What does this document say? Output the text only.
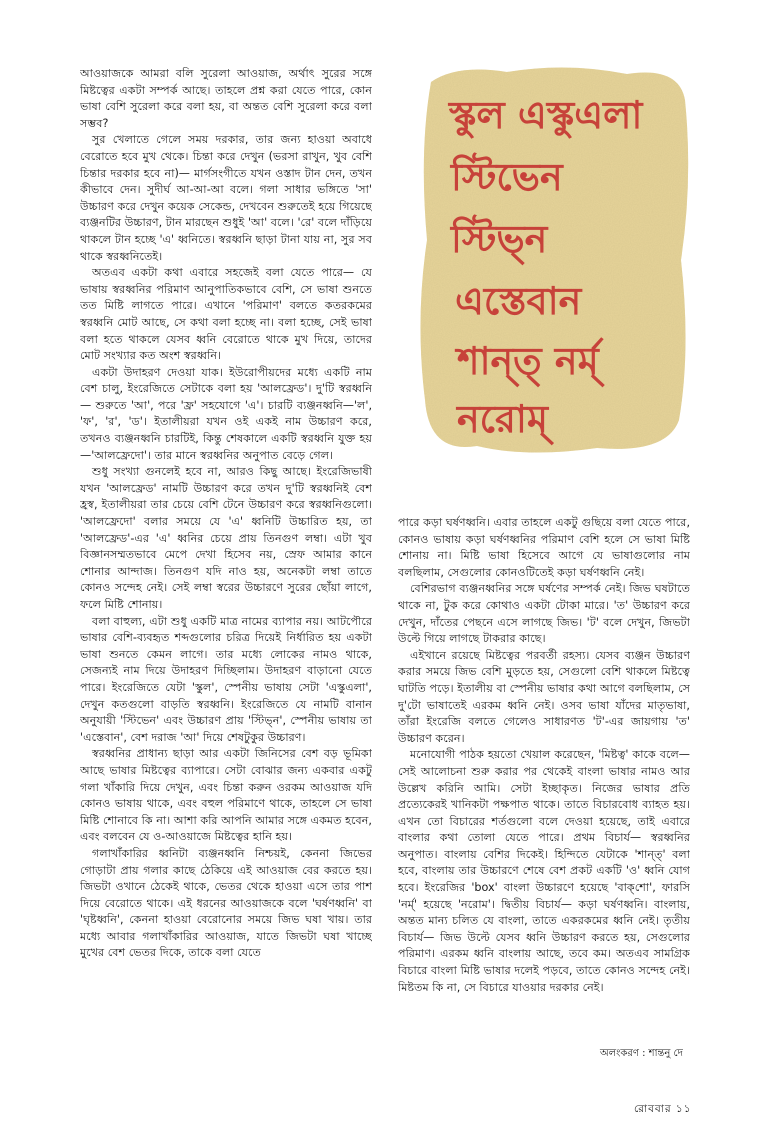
আওয়াজকে আমরা বলি সুরেলা আওয়াজ, অর্থাৎ সুরের সঙ্গে মিষ্টত্বের একটা সম্পর্ক আছে। তাহলে প্রশ্ন করা যেতে পারে, কোন ভাষা বেশি সুরেলা করে বলা হয়, বা অন্তত বেশি সুরেলা করে বলা সম্ভব?

সুর খেলাতে গেলে সময় দরকার, তার জন্য হাওয়া অবাধে বেরোতে হবে মুখ থেকে। চিন্তা করে দেখুন (ভরসা রাখুন, খুব বেশি চিন্তার দরকার হবে না)— মার্গসংগীতে যখন ওস্তাদ টান দেন, তখন কীভাবে দেন। সুদীর্ঘ আ-আ-আ বলে। গলা সাধার ভঙ্গিতে 'সা' উচ্চারণ করে দেখুন কয়েক সেকেন্ড, দেখবেন শুরুতেই হয়ে গিয়েছে ব্যঞ্জনটির উচ্চারণ, টান মারছেন শুধুই 'আ' বলে। 'রে' বলে দাঁড়িয়ে থাকলে টান হচ্ছে 'এ' ধ্বনিতে। স্বরধ্বনি ছাড়া টানা যায় না, সুর সব থাকে স্বরধ্বনিতেই।

অতএব একটা কথা এবারে সহজেই বলা যেতে পারে— যে ভাষায় স্বরধ্বনির পরিমাণ আনুপাতিকভাবে বেশি, সে ভাষা শুনতে তত মিষ্টি লাগতে পারে। এখানে 'পরিমাণ' বলতে কতরকমের স্বরধ্বনি মোট আছে, সে কথা বলা হচ্ছে না। বলা হচ্ছে, সেই ভাষা বলা হতে থাকলে যেসব ধ্বনি বেরোতে থাকে মুখ দিয়ে, তাদের মোট সংখ্যার কত অংশ স্বরধ্বনি।

একটা উদাহরণ দেওয়া যাক। ইউরোপীয়দের মধ্যে একটি নাম বেশ চালু, ইংরেজিতে সেটাকে বলা হয় 'আলফ্রেড'। দু'টি স্বরধ্বনি— শুরুতে 'আ', পরে 'ফ্র' সহযোগে 'এ'। চারটি ব্যঞ্জনধ্বনি—'ল', 'ফ', 'র', 'ড'। ইতালীয়রা যখন ওই একই নাম উচ্চারণ করে, তখনও ব্যঞ্জনধ্বনি চারটিই, কিন্তু শেষকালে একটি স্বরধ্বনি যুক্ত হয়—'আলফ্রেদো'। তার মানে স্বরধ্বনির অনুপাত বেড়ে গেল।

শুধু সংখ্যা গুনলেই হবে না, আরও কিছু আছে। ইংরেজিভাষী যখন 'আলফ্রেড' নামটি উচ্চারণ করে তখন দু'টি স্বরধ্বনিই বেশ হ্রস্ব, ইতালীয়রা তার চেয়ে বেশি টেনে উচ্চারণ করে স্বরধ্বনিগুলো। 'আলফ্রেদো' বলার সময়ে যে 'এ' ধ্বনিটি উচ্চারিত হয়, তা 'আলফ্রেড'-এর 'এ' ধ্বনির চেয়ে প্রায় তিনগুণ লম্বা। এটা খুব বিজ্ঞানসম্মতভাবে মেপে দেখা হিসেব নয়, স্রেফ আমার কানে শোনার আন্দাজ। তিনগুণ যদি নাও হয়, অনেকটা লম্বা তাতে কোনও সন্দেহ নেই। সেই লম্বা স্বরের উচ্চারণে সুরের ছোঁয়া লাগে, ফলে মিষ্টি শোনায়।

বলা বাহুল্য, এটা শুধু একটি মাত্র নামের ব্যাপার নয়। আটপৌরে ভাষার বেশি-ব্যবহৃত শব্দগুলোর চরিত্র দিয়েই নির্ধারিত হয় একটা ভাষা শুনতে কেমন লাগে। তার মধ্যে লোকের নামও থাকে, সেজন্যই নাম দিয়ে উদাহরণ দিচ্ছিলাম। উদাহরণ বাড়ানো যেতে পারে। ইংরেজিতে যেটা 'স্কুল', স্পেনীয় ভাষায় সেটা 'এস্কুএলা', দেখুন কতগুলো বাড়তি স্বরধ্বনি। ইংরেজিতে যে নামটি বানান অনুযায়ী 'স্টিভেন' এবং উচ্চারণ প্রায় 'স্টিভ্‌ন', স্পেনীয় ভাষায় তা 'এস্তেবান', বেশ দরাজ 'আ' দিয়ে শেষটুকুর উচ্চারণ।

স্বরধ্বনির প্রাধান্য ছাড়া আর একটা জিনিসের বেশ বড় ভূমিকা আছে ভাষার মিষ্টত্বের ব্যাপারে। সেটা বোঝার জন্য একবার একটু গলা খাঁকারি দিয়ে দেখুন, এবং চিন্তা করুন ওরকম আওয়াজ যদি কোনও ভাষায় থাকে, এবং বহুল পরিমাণে থাকে, তাহলে সে ভাষা মিষ্টি শোনাবে কি না। আশা করি আপনি আমার সঙ্গে একমত হবেন, এবং বলবেন যে ও-আওয়াজে মিষ্টত্বের হানি হয়।

গলাখাঁকারির ধ্বনিটা ব্যঞ্জনধ্বনি নিশ্চয়ই, কেননা জিভের গোড়াটা প্রায় গলার কাছে ঠেকিয়ে এই আওয়াজ বের করতে হয়। জিভটা ওখানে ঠেকেই থাকে, ভেতর থেকে হাওয়া এসে তার পাশ দিয়ে বেরোতে থাকে। এই ধরনের আওয়াজকে বলে 'ঘর্ষণধ্বনি' বা 'ঘৃষ্টধ্বনি', কেননা হাওয়া বেরোনোর সময়ে জিভ ঘষা খায়। তার মধ্যে আবার গলাখাঁকারির আওয়াজ, যাতে জিভটা ঘষা খাচ্ছে মুখের বেশ ভেতর দিকে, তাকে বলা যেতে

স্কুল এস্কুএলা
স্টিভেন
স্টিভ্‌ন
এস্তেবান
শান্ত্‌ নর্ম্‌
নরোম্‌

পারে কড়া ঘর্ষণধ্বনি। এবার তাহলে একটু গুছিয়ে বলা যেতে পারে, কোনও ভাষায় কড়া ঘর্ষণধ্বনির পরিমাণ বেশি হলে সে ভাষা মিষ্টি শোনায় না। মিষ্টি ভাষা হিসেবে আগে যে ভাষাগুলোর নাম বলছিলাম, সেগুলোর কোনওটিতেই কড়া ঘর্ষণধ্বনি নেই।

বেশিরভাগ ব্যঞ্জনধ্বনির সঙ্গে ঘর্ষণের সম্পর্ক নেই। জিভ ঘষটাতে থাকে না, টুক করে কোথাও একটা টোকা মারে। 'ত' উচ্চারণ করে দেখুন, দাঁতের পেছনে এসে লাগছে জিভ। 'ট' বলে দেখুন, জিভটা উল্টে গিয়ে লাগছে টাকরার কাছে।

এইখানে রয়েছে মিষ্টত্বের পরবর্তী রহস্য। যেসব ব্যঞ্জন উচ্চারণ করার সময়ে জিভ বেশি মুড়তে হয়, সেগুলো বেশি থাকলে মিষ্টত্বে ঘাটতি পড়ে। ইতালীয় বা স্পেনীয় ভাষার কথা আগে বলছিলাম, সে দু'টো ভাষাতেই এরকম ধ্বনি নেই। ওসব ভাষা যাঁদের মাতৃভাষা, তাঁরা ইংরেজি বলতে গেলেও সাধারণত 'ট'-এর জায়গায় 'ত' উচ্চারণ করেন।

মনোযোগী পাঠক হয়তো খেয়াল করেছেন, 'মিষ্টত্ব' কাকে বলে— সেই আলোচনা শুরু করার পর থেকেই বাংলা ভাষার নামও আর উল্লেখ করিনি আমি। সেটা ইচ্ছাকৃত। নিজের ভাষার প্রতি প্রত্যেকেরই খানিকটা পক্ষপাত থাকে। তাতে বিচারবোধ ব্যাহত হয়। এখন তো বিচারের শর্তগুলো বলে দেওয়া হয়েছে, তাই এবারে বাংলার কথা তোলা যেতে পারে। প্রথম বিচার্য— স্বরধ্বনির অনুপাত। বাংলায় বেশির দিকেই। হিন্দিতে যেটাকে 'শান্ত্‌' বলা হবে, বাংলায় তার উচ্চারণে শেষে বেশ প্রকট একটি 'ও' ধ্বনি যোগ হবে। ইংরেজির 'box' বাংলা উচ্চারণে হয়েছে 'বাক্‌শো', ফারসি 'নর্ম্‌' হয়েছে 'নরোম'। দ্বিতীয় বিচার্য— কড়া ঘর্ষণধ্বনি। বাংলায়, অন্তত মান্য চলিত যে বাংলা, তাতে একরকমের ধ্বনি নেই। তৃতীয় বিচার্য— জিভ উল্টে যেসব ধ্বনি উচ্চারণ করতে হয়, সেগুলোর পরিমাণ। এরকম ধ্বনি বাংলায় আছে, তবে কম। অতএব সামগ্রিক বিচারে বাংলা মিষ্টি ভাষার দলেই পড়বে, তাতে কোনও সন্দেহ নেই। মিষ্টতম কি না, সে বিচারে যাওয়ার দরকার নেই।

অলংকরণ : শান্তনু দে
রোববার ১১
